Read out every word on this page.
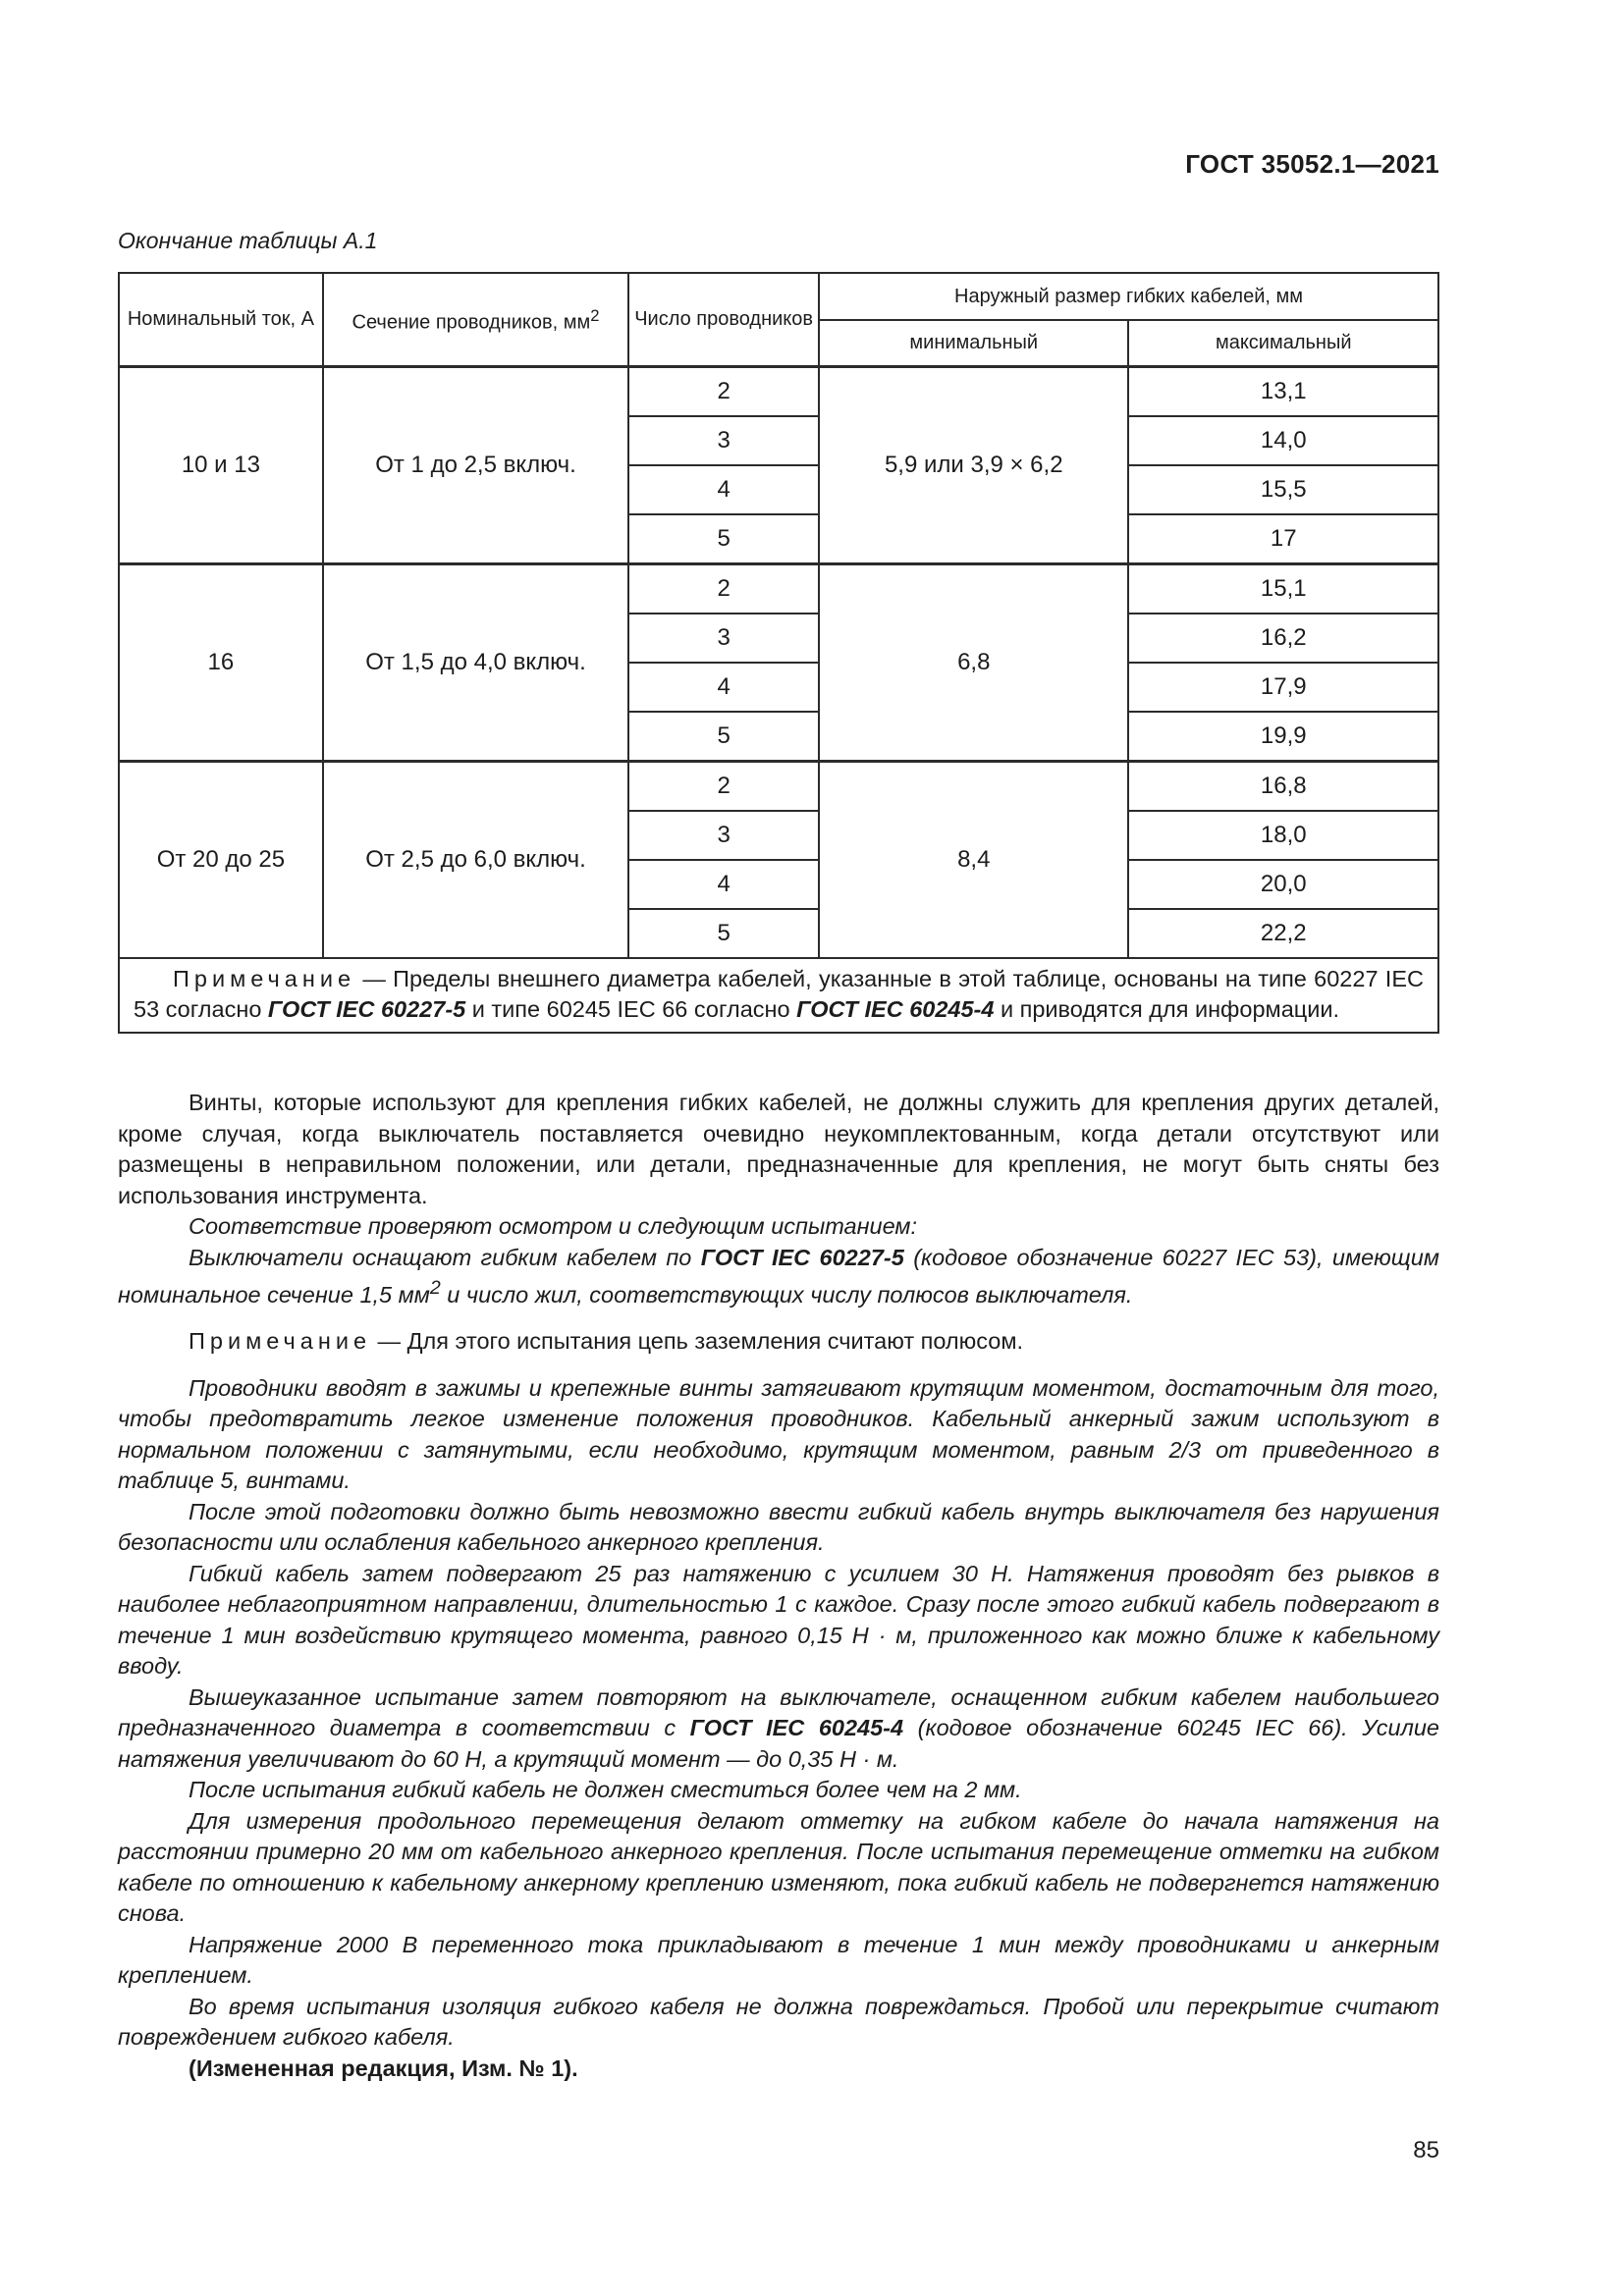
ГОСТ 35052.1—2021
Окончание таблицы А.1
Номинальный ток, А	Сечение проводников, $мм^2$	Число проводников	Наружный размер гибких кабелей, мм	
			минимальный	максимальный
10 и 13	От 1 до 2,5 включ.	2	5,9 или 3,9 × 6,2	13,1
		3		14,0
		4		15,5
		5		17
16	От 1,5 до 4,0 включ.	2	6,8	15,1
		3		16,2
		4		17,9
		5		19,9
От 20 до 25	От 2,5 до 6,0 включ.	2	8,4	16,8
		3		18,0
		4		20,0
		5		22,2
Примечание — Пределы внешнего диаметра кабелей, указанные в этой таблице, основаны на типе 60227 IEC 53 согласно ГОСТ IEC 60227-5 и типе 60245 IEC 66 согласно ГОСТ IEC 60245-4 и приводятся для информации.				

Винты, которые используют для крепления гибких кабелей, не должны служить для крепления других деталей, кроме случая, когда выключатель поставляется очевидно неукомплектованным, когда детали отсутствуют или размещены в неправильном положении, или детали, предназначенные для крепления, не могут быть сняты без использования инструмента.

Соответствие проверяют осмотром и следующим испытанием:

Выключатели оснащают гибким кабелем по ГОСТ IEC 60227-5 (кодовое обозначение 60227 IEC 53), имеющим номинальное сечение 1,5 $мм^2$ и число жил, соответствующих числу полюсов выключателя.

Примечание — Для этого испытания цепь заземления считают полюсом.

Проводники вводят в зажимы и крепежные винты затягивают крутящим моментом, достаточным для того, чтобы предотвратить легкое изменение положения проводников. Кабельный анкерный зажим используют в нормальном положении с затянутыми, если необходимо, крутящим моментом, равным 2/3 от приведенного в таблице 5, винтами.

После этой подготовки должно быть невозможно ввести гибкий кабель внутрь выключателя без нарушения безопасности или ослабления кабельного анкерного крепления.

Гибкий кабель затем подвергают 25 раз натяжению с усилием 30 Н. Натяжения проводят без рывков в наиболее неблагоприятном направлении, длительностью 1 с каждое. Сразу после этого гибкий кабель подвергают в течение 1 мин воздействию крутящего момента, равного 0,15 Н · м, приложенного как можно ближе к кабельному вводу.

Вышеуказанное испытание затем повторяют на выключателе, оснащенном гибким кабелем наибольшего предназначенного диаметра в соответствии с ГОСТ IEC 60245-4 (кодовое обозначение 60245 IEC 66). Усилие натяжения увеличивают до 60 Н, а крутящий момент — до 0,35 Н · м.

После испытания гибкий кабель не должен сместиться более чем на 2 мм.

Для измерения продольного перемещения делают отметку на гибком кабеле до начала натяжения на расстоянии примерно 20 мм от кабельного анкерного крепления. После испытания перемещение отметки на гибком кабеле по отношению к кабельному анкерному креплению изменяют, пока гибкий кабель не подвергнется натяжению снова.

Напряжение 2000 В переменного тока прикладывают в течение 1 мин между проводниками и анкерным креплением.

Во время испытания изоляция гибкого кабеля не должна повреждаться. Пробой или перекрытие считают повреждением гибкого кабеля.

(Измененная редакция, Изм. № 1).

85
